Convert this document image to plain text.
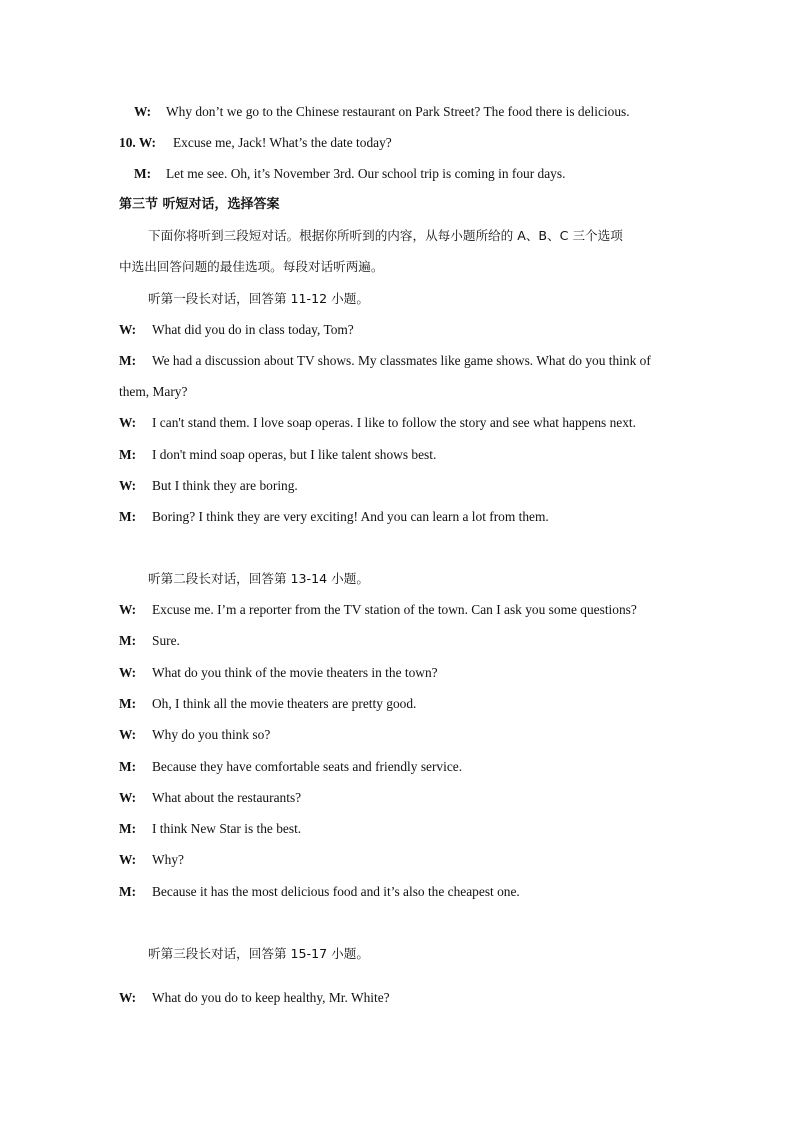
W: Why don’t we go to the Chinese restaurant on Park Street? The food there is delicious.
10. W: Excuse me, Jack! What’s the date today?
M: Let me see. Oh, it’s November 3rd. Our school trip is coming in four days.
第三节 听短对话，选择答案
下面你将听到三段短对话。根据你所听到的内容，从每小题所给的 A、B、C 三个选项
中选出回答问题的最佳选项。每段对话听两遍。
听第一段长对话，回答第 11-12 小题。
W: What did you do in class today, Tom?
M: We had a discussion about TV shows. My classmates like game shows. What do you think of
them, Mary?
W: I can't stand them. I love soap operas. I like to follow the story and see what happens next.
M: I don't mind soap operas, but I like talent shows best.
W: But I think they are boring.
M: Boring? I think they are very exciting! And you can learn a lot from them.
听第二段长对话，回答第 13-14 小题。
W: Excuse me. I’m a reporter from the TV station of the town. Can I ask you some questions?
M: Sure.
W: What do you think of the movie theaters in the town?
M: Oh, I think all the movie theaters are pretty good.
W: Why do you think so?
M: Because they have comfortable seats and friendly service.
W: What about the restaurants?
M: I think New Star is the best.
W: Why?
M: Because it has the most delicious food and it’s also the cheapest one.
听第三段长对话，回答第 15-17 小题。
W: What do you do to keep healthy, Mr. White?
